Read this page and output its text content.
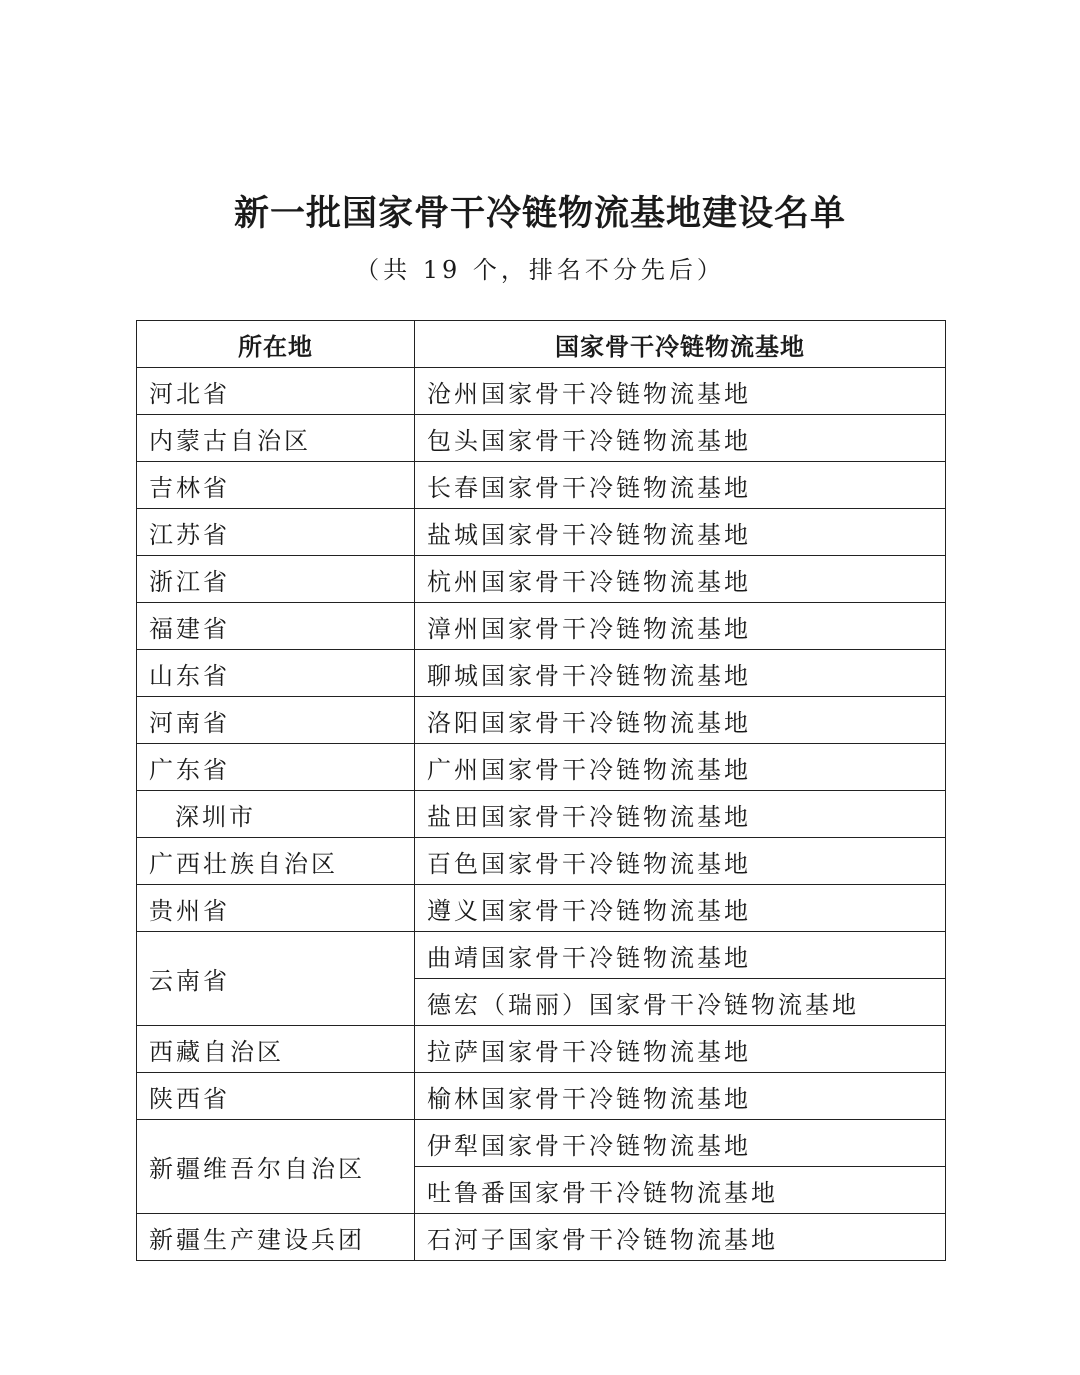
新一批国家骨干冷链物流基地建设名单
（共 19 个，排名不分先后）
所在地	国家骨干冷链物流基地
河北省	沧州国家骨干冷链物流基地
内蒙古自治区	包头国家骨干冷链物流基地
吉林省	长春国家骨干冷链物流基地
江苏省	盐城国家骨干冷链物流基地
浙江省	杭州国家骨干冷链物流基地
福建省	漳州国家骨干冷链物流基地
山东省	聊城国家骨干冷链物流基地
河南省	洛阳国家骨干冷链物流基地
广东省	广州国家骨干冷链物流基地
深圳市	盐田国家骨干冷链物流基地
广西壮族自治区	百色国家骨干冷链物流基地
贵州省	遵义国家骨干冷链物流基地
云南省	曲靖国家骨干冷链物流基地
	德宏（瑞丽）国家骨干冷链物流基地
西藏自治区	拉萨国家骨干冷链物流基地
陕西省	榆林国家骨干冷链物流基地
新疆维吾尔自治区	伊犁国家骨干冷链物流基地
	吐鲁番国家骨干冷链物流基地
新疆生产建设兵团	石河子国家骨干冷链物流基地
